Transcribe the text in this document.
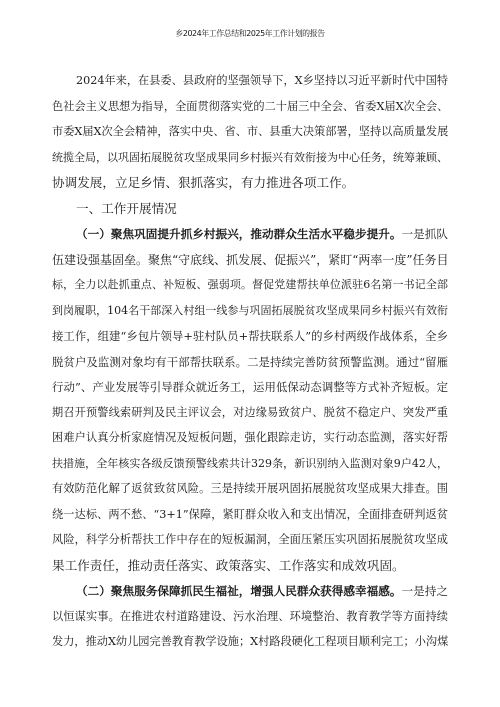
乡2024年工作总结和2025年工作计划的报告
2024年来，在县委、县政府的坚强领导下，X乡坚持以习近平新时代中国特
色社会主义思想为指导，全面贯彻落实党的二十届三中全会、省委X届X次全会、
市委X届X次全会精神，落实中央、省、市、县重大决策部署，坚持以高质量发展
统揽全局，以巩固拓展脱贫攻坚成果同乡村振兴有效衔接为中心任务，统筹兼顾、
协调发展，立足乡情、狠抓落实，有力推进各项工作。
一、工作开展情况
（一）聚焦巩固提升抓乡村振兴，推动群众生活水平稳步提升。一是抓队
伍建设强基固垒。聚焦“守底线、抓发展、促振兴”，紧盯“两率一度”任务目
标，全力以赴抓重点、补短板、强弱项。督促党建帮扶单位派驻6名第一书记全部
到岗履职，104名干部深入村组一线参与巩固拓展脱贫攻坚成果同乡村振兴有效衔
接工作，组建“乡包片领导+驻村队员+帮扶联系人”的乡村两级作战体系，全乡
脱贫户及监测对象均有干部帮扶联系。二是持续完善防贫预警监测。通过“留雁
行动”、产业发展等引导群众就近务工，运用低保动态调整等方式补齐短板。定
期召开预警线索研判及民主评议会，对边缘易致贫户、脱贫不稳定户、突发严重
困难户认真分析家庭情况及短板问题，强化跟踪走访，实行动态监测，落实好帮
扶措施，全年核实各级反馈预警线索共计329条，新识别纳入监测对象9户42人，
有效防范化解了返贫致贫风险。三是持续开展巩固拓展脱贫攻坚成果大排查。围
绕一达标、两不愁、“3+1”保障，紧盯群众收入和支出情况，全面排查研判返贫
风险，科学分析帮扶工作中存在的短板漏洞，全面压紧压实巩固拓展脱贫攻坚成
果工作责任，推动责任落实、政策落实、工作落实和成效巩固。
（二）聚焦服务保障抓民生福祉，增强人民群众获得感幸福感。一是持之
以恒谋实事。在推进农村道路建设、污水治理、环境整治、教育教学等方面持续
发力，推动X幼儿园完善教育教学设施；X村路段硬化工程项目顺利完工；小沟煤
